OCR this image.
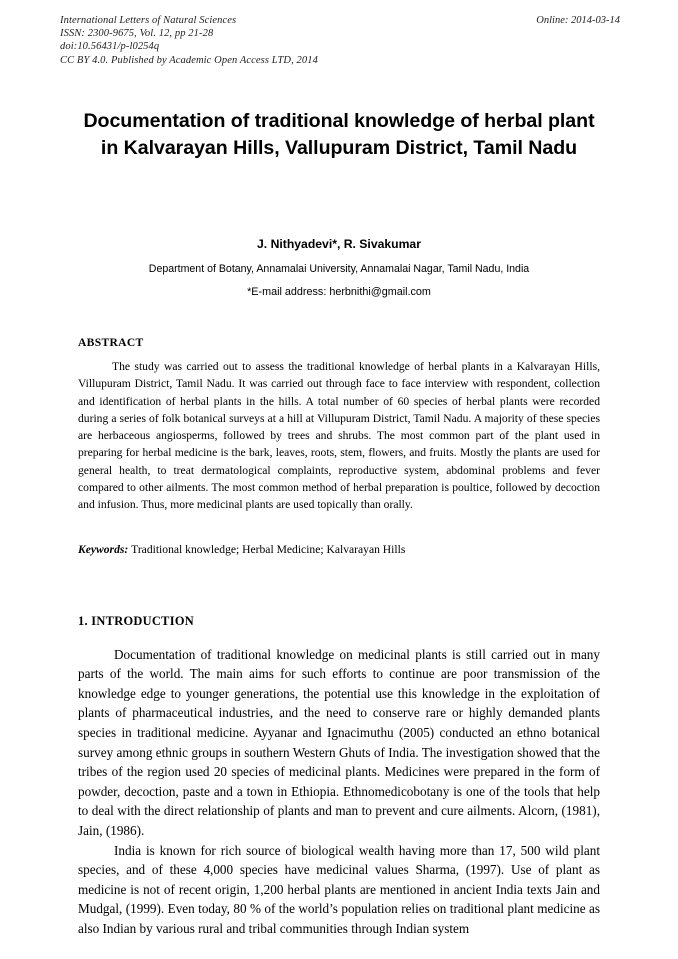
International Letters of Natural Sciences
ISSN: 2300-9675, Vol. 12, pp 21-28
doi:10.56431/p-l0254q
CC BY 4.0. Published by Academic Open Access LTD, 2014
Online: 2014-03-14
Documentation of traditional knowledge of herbal plant in Kalvarayan Hills, Vallupuram District, Tamil Nadu

J. Nithyadevi*, R. Sivakumar

Department of Botany, Annamalai University, Annamalai Nagar, Tamil Nadu, India

*E-mail address: herbnithi@gmail.com

ABSTRACT

The study was carried out to assess the traditional knowledge of herbal plants in a Kalvarayan Hills, Villupuram District, Tamil Nadu. It was carried out through face to face interview with respondent, collection and identification of herbal plants in the hills. A total number of 60 species of herbal plants were recorded during a series of folk botanical surveys at a hill at Villupuram District, Tamil Nadu. A majority of these species are herbaceous angiosperms, followed by trees and shrubs. The most common part of the plant used in preparing for herbal medicine is the bark, leaves, roots, stem, flowers, and fruits. Mostly the plants are used for general health, to treat dermatological complaints, reproductive system, abdominal problems and fever compared to other ailments. The most common method of herbal preparation is poultice, followed by decoction and infusion. Thus, more medicinal plants are used topically than orally.

Keywords: Traditional knowledge; Herbal Medicine; Kalvarayan Hills

1. INTRODUCTION

Documentation of traditional knowledge on medicinal plants is still carried out in many parts of the world. The main aims for such efforts to continue are poor transmission of the knowledge edge to younger generations, the potential use this knowledge in the exploitation of plants of pharmaceutical industries, and the need to conserve rare or highly demanded plants species in traditional medicine. Ayyanar and Ignacimuthu (2005) conducted an ethno botanical survey among ethnic groups in southern Western Ghuts of India. The investigation showed that the tribes of the region used 20 species of medicinal plants. Medicines were prepared in the form of powder, decoction, paste and a town in Ethiopia. Ethnomedicobotany is one of the tools that help to deal with the direct relationship of plants and man to prevent and cure ailments. Alcorn, (1981), Jain, (1986).

India is known for rich source of biological wealth having more than 17, 500 wild plant species, and of these 4,000 species have medicinal values Sharma, (1997). Use of plant as medicine is not of recent origin, 1,200 herbal plants are mentioned in ancient India texts Jain and Mudgal, (1999). Even today, 80 % of the world’s population relies on traditional plant medicine as also Indian by various rural and tribal communities through Indian system
